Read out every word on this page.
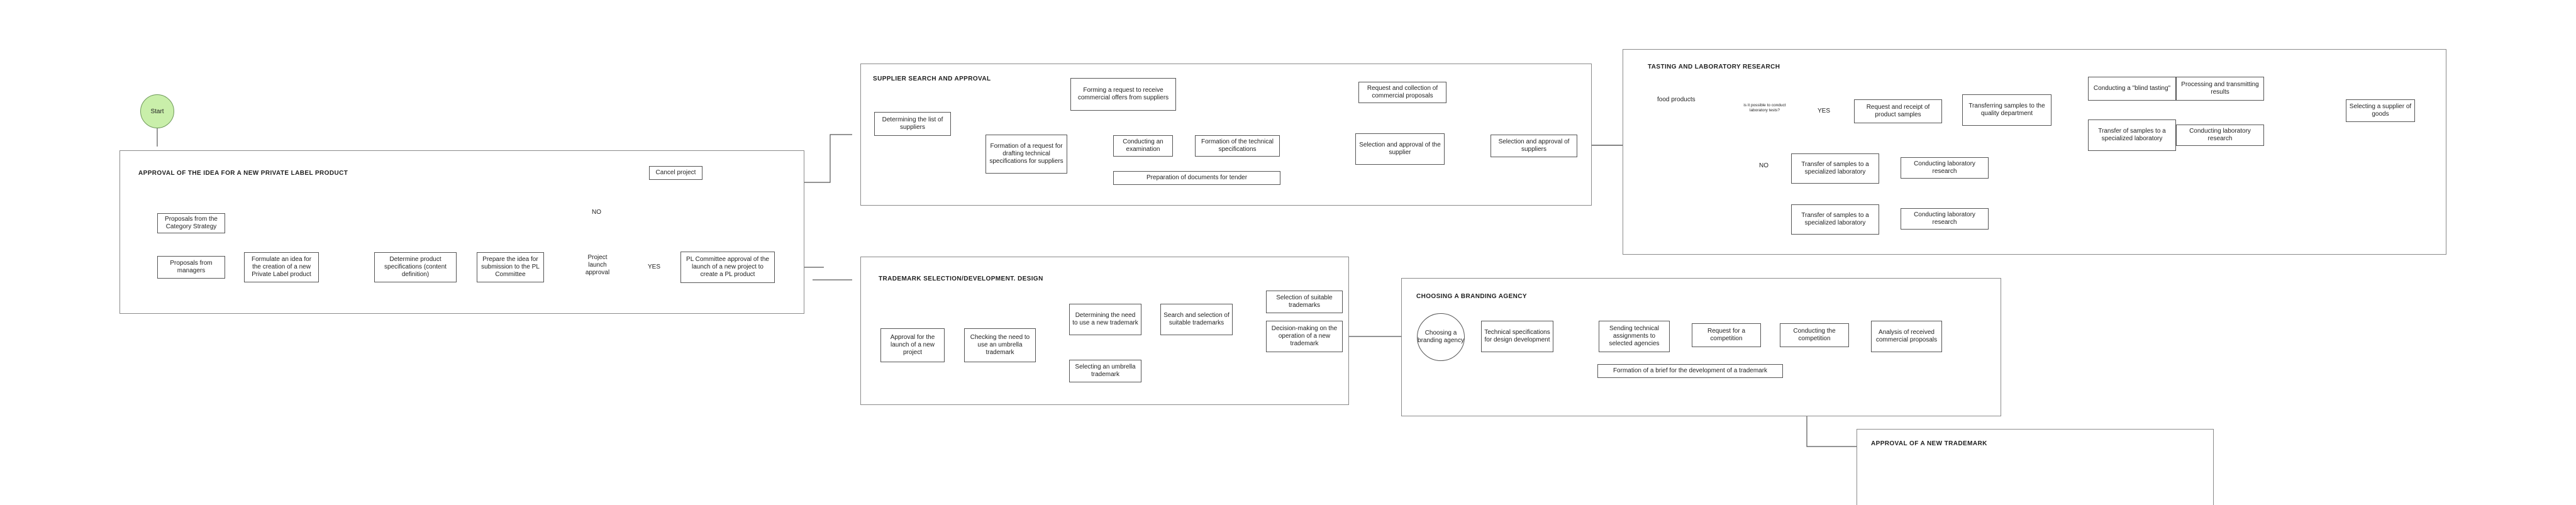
Start
APPROVAL OF THE IDEA FOR A NEW PRIVATE LABEL PRODUCT
Proposals from the Category Strategy
Proposals from managers
Formulate an idea for the creation of a new Private Label product
Determine product specifications (content definition)
Prepare the idea for submission to the PL Committee
Project launch approval
NO
YES
PL Committee approval of the launch of a new project to create a PL product
Cancel project
SUPPLIER SEARCH AND APPROVAL
Determining the list of suppliers
Forming a request to receive commercial offers from suppliers
Formation of a request for drafting technical specifications for suppliers
Conducting an examination
Formation of the technical specifications
Preparation of documents for tender
Request and collection of commercial proposals
Selection and approval of the supplier
Selection and approval of suppliers
TASTING AND LABORATORY RESEARCH
food products
is it possible to conduct laboratory tests?	YES
NO
Request and receipt of product samples
Transferring samples to the quality department
Conducting a "blind tasting"
Processing and transmitting results
Transfer of samples to a specialized laboratory
Conducting laboratory research
Transfer of samples to a specialized laboratory
Conducting laboratory research
Transfer of samples to a specialized laboratory
Conducting laboratory research
Selecting a supplier of goods
TRADEMARK SELECTION/DEVELOPMENT. DESIGN
Approval for the launch of a new project
Checking the need to use an umbrella trademark
Determining the need to use a new trademark
Search and selection of suitable trademarks
Selection of suitable trademarks
Decision-making on the operation of a new trademark
Selecting an umbrella trademark
CHOOSING A BRANDING AGENCY
Choosing a branding agency
Technical specifications for design development
Sending technical assignments to selected agencies
Request for a competition
Conducting the competition
Analysis of received commercial proposals
Formation of a brief for the development of a trademark
APPROVAL OF A NEW TRADEMARK
